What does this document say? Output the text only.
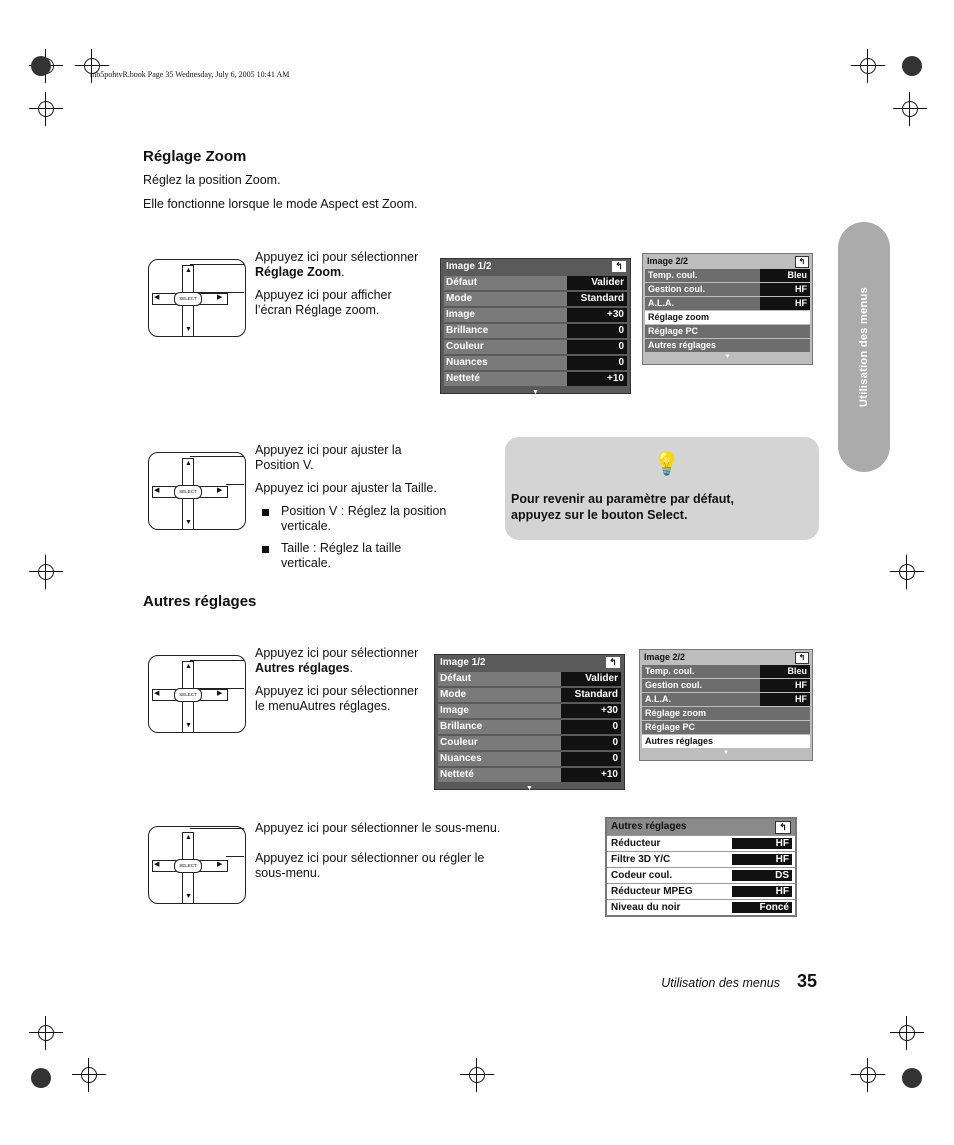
mb5pohtvR.book Page 35 Wednesday, July 6, 2005 10:41 AM
Utilisation des menus
Réglage Zoom

Réglez la position Zoom.

Elle fonctionne lorsque le mode Aspect est Zoom.

SELECT
▲
▼
◀	▶

Appuyez ici pour sélectionner
Réglage Zoom.

Appuyez ici pour afficher
l’écran Réglage zoom.

Image 1/2	↰
Défaut	Valider
Mode	Standard
Image	+30
Brillance	0
Couleur	0
Nuances	0
Netteté	+10
▼
Image 2/2	↰
Temp. coul.	Bleu
Gestion coul.	HF
A.L.A.	HF
Réglage zoom
Réglage PC
Autres réglages
▼
SELECT
▲
▼
◀	▶

Appuyez ici pour ajuster la
Position V.

Appuyez ici pour ajuster la Taille.

Position V : Réglez la position
verticale.

Taille : Réglez la taille
verticale.

💡
Pour revenir au paramètre par défaut,
appuyez sur le bouton Select.
Autres réglages
SELECT
▲
▼
◀	▶

Appuyez ici pour sélectionner
Autres réglages.

Appuyez ici pour sélectionner
le menuAutres réglages.

Image 1/2	↰
Défaut	Valider
Mode	Standard
Image	+30
Brillance	0
Couleur	0
Nuances	0
Netteté	+10
▼
Image 2/2	↰
Temp. coul.	Bleu
Gestion coul.	HF
A.L.A.	HF
Réglage zoom
Réglage PC
Autres réglages
▼
SELECT
▲
▼
◀	▶

Appuyez ici pour sélectionner le sous-menu.

Appuyez ici pour sélectionner ou régler le
sous-menu.

Autres réglages	↰
Réducteur	HF
Filtre 3D Y/C	HF
Codeur coul.	DS
Réducteur MPEG	HF
Niveau du noir	Foncé
Utilisation des menus 35
